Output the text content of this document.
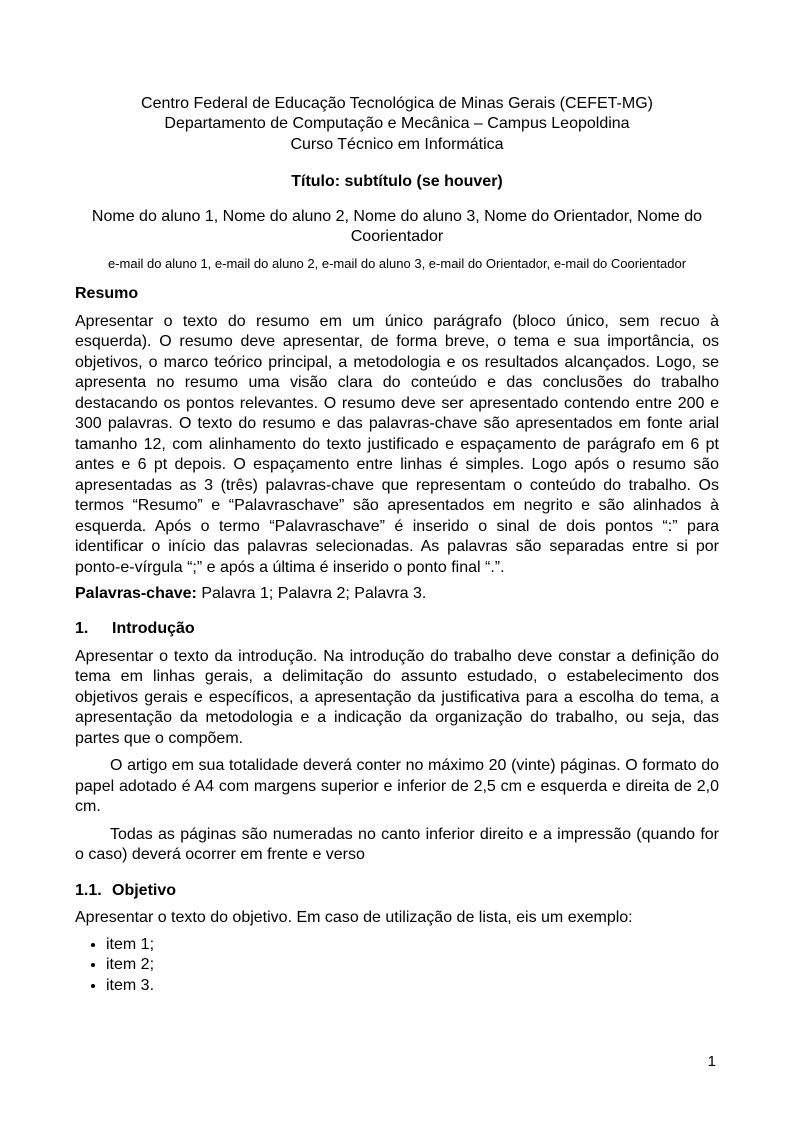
Centro Federal de Educação Tecnológica de Minas Gerais (CEFET-MG)
Departamento de Computação e Mecânica – Campus Leopoldina
Curso Técnico em Informática
Título: subtítulo (se houver)
Nome do aluno 1, Nome do aluno 2, Nome do aluno 3, Nome do Orientador, Nome do Coorientador
e-mail do aluno 1, e-mail do aluno 2, e-mail do aluno 3, e-mail do Orientador, e-mail do Coorientador
Resumo

Apresentar o texto do resumo em um único parágrafo (bloco único, sem recuo à esquerda). O resumo deve apresentar, de forma breve, o tema e sua importância, os objetivos, o marco teórico principal, a metodologia e os resultados alcançados. Logo, se apresenta no resumo uma visão clara do conteúdo e das conclusões do trabalho destacando os pontos relevantes. O resumo deve ser apresentado contendo entre 200 e 300 palavras. O texto do resumo e das palavras-chave são apresentados em fonte arial tamanho 12, com alinhamento do texto justificado e espaçamento de parágrafo em 6 pt antes e 6 pt depois. O espaçamento entre linhas é simples. Logo após o resumo são apresentadas as 3 (três) palavras-chave que representam o conteúdo do trabalho. Os termos “Resumo” e “Palavraschave” são apresentados em negrito e são alinhados à esquerda. Após o termo “Palavraschave” é inserido o sinal de dois pontos “:” para identificar o início das palavras selecionadas. As palavras são separadas entre si por ponto-e-vírgula “;” e após a última é inserido o ponto final “.”.

Palavras-chave: Palavra 1; Palavra 2; Palavra 3.

1. Introdução

Apresentar o texto da introdução. Na introdução do trabalho deve constar a definição do tema em linhas gerais, a delimitação do assunto estudado, o estabelecimento dos objetivos gerais e específicos, a apresentação da justificativa para a escolha do tema, a apresentação da metodologia e a indicação da organização do trabalho, ou seja, das partes que o compõem.

O artigo em sua totalidade deverá conter no máximo 20 (vinte) páginas. O formato do papel adotado é A4 com margens superior e inferior de 2,5 cm e esquerda e direita de 2,0 cm.

Todas as páginas são numeradas no canto inferior direito e a impressão (quando for o caso) deverá ocorrer em frente e verso

1.1. Objetivo

Apresentar o texto do objetivo. Em caso de utilização de lista, eis um exemplo:

• item 1;
• item 2;
• item 3.
1
